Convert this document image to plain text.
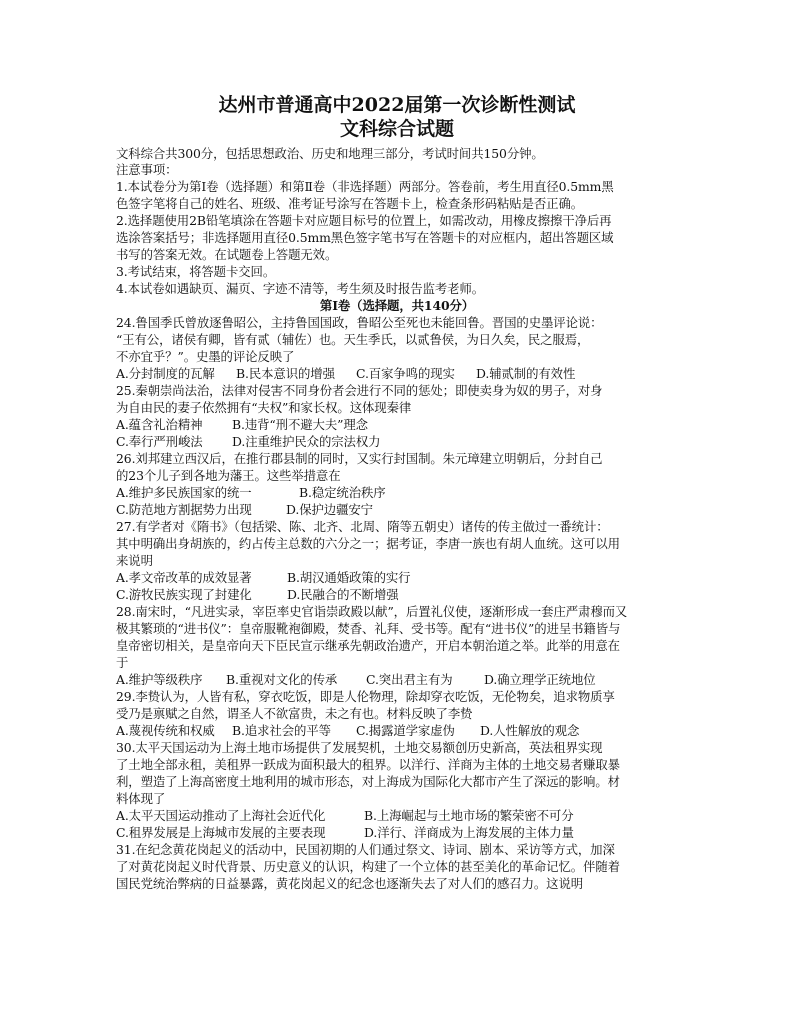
达州市普通高中2022届第一次诊断性测试
文科综合试题
文科综合共300分，包括思想政治、历史和地理三部分，考试时间共150分钟。
注意事项：
1.本试卷分为第Ⅰ卷（选择题）和第Ⅱ卷（非选择题）两部分。答卷前，考生用直径0.5mm黑
色签字笔将自己的姓名、班级、准考证号涂写在答题卡上，检查条形码粘贴是否正确。
2.选择题使用2B铅笔填涂在答题卡对应题目标号的位置上，如需改动，用橡皮擦擦干净后再
选涂答案括号；非选择题用直径0.5mm黑色签字笔书写在答题卡的对应框内，超出答题区域
书写的答案无效。在试题卷上答题无效。
3.考试结束，将答题卡交回。
4.本试卷如遇缺页、漏页、字迹不清等，考生须及时报告监考老师。
第Ⅰ卷（选择题，共140分）
24.鲁国季氏曾放逐鲁昭公，主持鲁国国政，鲁昭公至死也未能回鲁。晋国的史墨评论说：
“王有公，诸侯有卿，皆有贰（辅佐）也。天生季氏，以贰鲁侯，为日久矣，民之服焉，
不亦宜乎？”。史墨的评论反映了
A.分封制度的瓦解 B.民本意识的增强 C.百家争鸣的现实 D.辅贰制的有效性
25.秦朝崇尚法治，法律对侵害不同身份者会进行不同的惩处；即使卖身为奴的男子，对身
为自由民的妻子依然拥有“夫权”和家长权。这体现秦律
A.蕴含礼治精神 B.违背“刑不避大夫”理念
C.奉行严刑峻法 D.注重维护民众的宗法权力
26.刘邦建立西汉后，在推行郡县制的同时，又实行封国制。朱元璋建立明朝后，分封自己
的23个儿子到各地为藩王。这些举措意在
A.维护多民族国家的统一	B.稳定统治秩序
C.防范地方割据势力出现	D.保护边疆安宁
27.有学者对《隋书》（包括梁、陈、北齐、北周、隋等五朝史）诸传的传主做过一番统计：
其中明确出身胡族的，约占传主总数的六分之一；据考证，李唐一族也有胡人血统。这可以用
来说明
A.孝文帝改革的成效显著	B.胡汉通婚政策的实行
C.游牧民族实现了封建化	D.民融合的不断增强
28.南宋时，“凡进实录，宰臣率史官诣崇政殿以献”，后置礼仪使，逐渐形成一套庄严肃穆而又
极其繁琐的“进书仪”：皇帝服靴袍御殿，焚香、礼拜、受书等。配有“进书仪”的进呈书籍皆与
皇帝密切相关，是皇帝向天下臣民宣示继承先朝政治遗产，开启本朝治道之举。此举的用意在
于
A.维护等级秩序 B.重视对文化的传承 C.突出君主有为	D.确立理学正统地位
29.李贽认为，人皆有私，穿衣吃饭，即是人伦物理，除却穿衣吃饭，无伦物矣，追求物质享
受乃是禀赋之自然，谓圣人不欲富贵，未之有也。材料反映了李贽
A.蔑视传统和权威 B.追求社会的平等 C.揭露道学家虚伪 D.人性解放的观念
30.太平天国运动为上海土地市场提供了发展契机，土地交易额创历史新高，英法租界实现
了土地全部永租，美租界一跃成为面积最大的租界。以洋行、洋商为主体的土地交易者赚取暴
利，塑造了上海高密度土地利用的城市形态，对上海成为国际化大都市产生了深远的影响。材
料体现了
A.太平天国运动推动了上海社会近代化	B.上海崛起与土地市场的繁荣密不可分
C.租界发展是上海城市发展的主要表现	D.洋行、洋商成为上海发展的主体力量
31.在纪念黄花岗起义的活动中，民国初期的人们通过祭文、诗词、剧本、采访等方式，加深
了对黄花岗起义时代背景、历史意义的认识，构建了一个立体的甚至美化的革命记忆。伴随着
国民党统治弊病的日益暴露，黄花岗起义的纪念也逐渐失去了对人们的感召力。这说明
